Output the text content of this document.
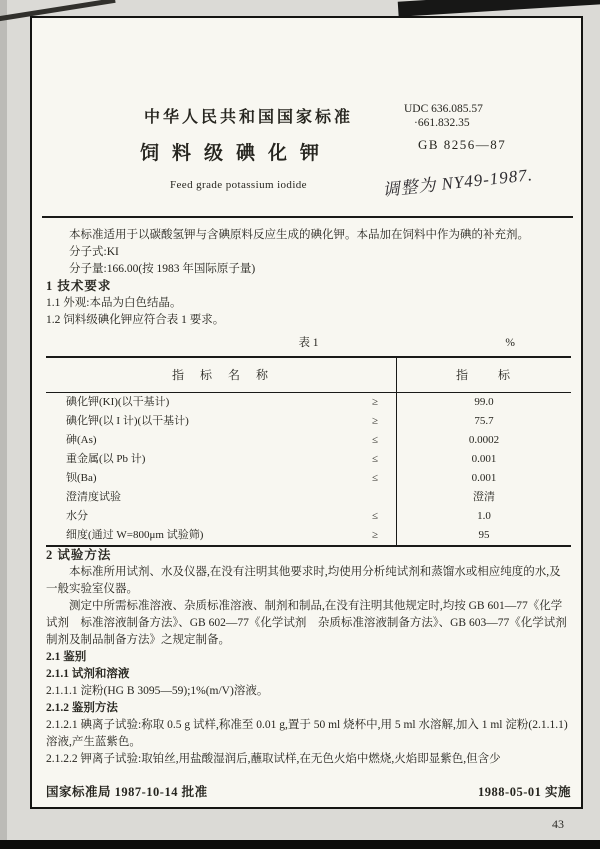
中华人民共和国国家标准
饲料级碘化钾
Feed grade potassium iodide
UDC 636.085.57
·661.832.35
GB 8256—87
调整为 NY49-1987.

本标准适用于以碳酸氢钾与含碘原料反应生成的碘化钾。本品加在饲料中作为碘的补充剂。

分子式:KI

分子量:166.00(按 1983 年国际原子量)

1 技术要求

1.1 外观:本品为白色结晶。

1.2 饲料级碘化钾应符合表 1 要求。

表 1	%
指　标　名　称		指　　标
碘化钾(KI)(以干基计)	≥	99.0
碘化钾(以 I 计)(以干基计)	≥	75.7
砷(As)	≤	0.0002
重金属(以 Pb 计)	≤	0.001
钡(Ba)	≤	0.001
澄清度试验		澄清
水分	≤	1.0
细度(通过 W=800μm 试验筛)	≥	95

2 试验方法

本标准所用试剂、水及仪器,在没有注明其他要求时,均使用分析纯试剂和蒸馏水或相应纯度的水,及一般实验室仪器。

测定中所需标准溶液、杂质标准溶液、制剂和制品,在没有注明其他规定时,均按 GB 601—77《化学试剂　标准溶液制备方法》、GB 602—77《化学试剂　杂质标准溶液制备方法》、GB 603—77《化学试剂　制剂及制品制备方法》之规定制备。

2.1 鉴别

2.1.1 试剂和溶液

2.1.1.1 淀粉(HG B 3095—59);1%(m/V)溶液。

2.1.2 鉴别方法

2.1.2.1 碘离子试验:称取 0.5 g 试样,称准至 0.01 g,置于 50 ml 烧杯中,用 5 ml 水溶解,加入 1 ml 淀粉(2.1.1.1)溶液,产生蓝紫色。

2.1.2.2 钾离子试验:取铂丝,用盐酸湿润后,蘸取试样,在无色火焰中燃烧,火焰即显紫色,但含少

国家标准局 1987-10-14 批准	1988-05-01 实施
43
